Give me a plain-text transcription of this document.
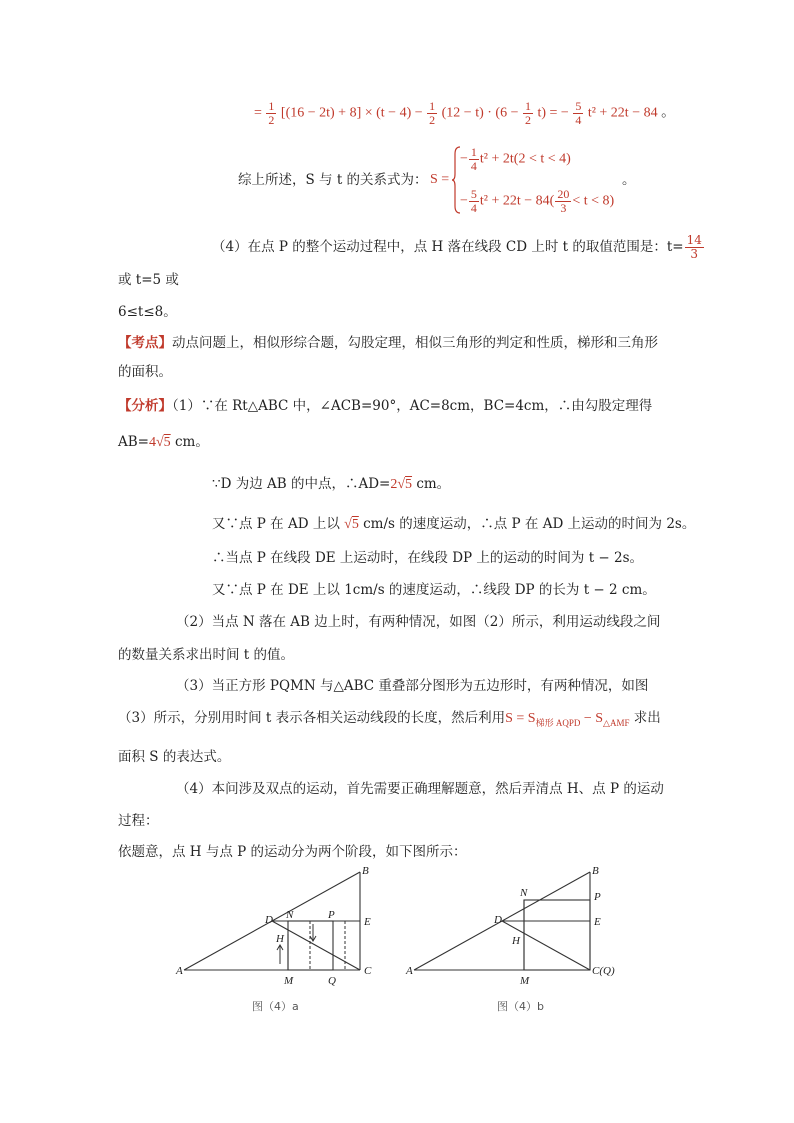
= $\frac{1}{2} [(16 - 2t) + 8] \times (t - 4) - \frac{1}{2} (12 - t) \cdot (6 - \frac{1}{2} t)$ = − $\frac{5}{4} t^2 + 22t - 84$ 。
综上所述，S 与 t 的关系式为： S =
− $\frac{1}{4} t^2 + 2t(2 < t < 4)$
− $\frac{5}{4} t^2 + 22t - 84( \frac{20}{3} < t < 8)$
。
（4）在点 P 的整个运动过程中，点 H 落在线段 CD 上时 t 的取值范围是：$t= \frac{14}{3}$
或 t=5 或
6≤t≤8。
【考点】动点问题上，相似形综合题，勾股定理，相似三角形的判定和性质，梯形和三角形
的面积。
【分析】（1）∵在 Rt△ABC 中，∠ACB=90°，AC=8cm，BC=4cm，∴由勾股定理得
AB=4√5 cm。
∵D 为边 AB 的中点，∴AD=2√5 cm。
又∵点 P 在 AD 上以 √5 cm/s 的速度运动，∴点 P 在 AD 上运动的时间为 2s。
∴当点 P 在线段 DE 上运动时，在线段 DP 上的运动的时间为 t − 2s。
又∵点 P 在 DE 上以 1cm/s 的速度运动，∴线段 DP 的长为 t − 2 cm。
（2）当点 N 落在 AB 边上时，有两种情况，如图（2）所示，利用运动线段之间
的数量关系求出时间 t 的值。
（3）当正方形 PQMN 与△ABC 重叠部分图形为五边形时，有两种情况，如图
（3）所示，分别用时间 t 表示各相关运动线段的长度，然后利用$S = S_{梯形 AQPD} - S_{\triangle AMF}$ 求出
面积 S 的表达式。
（4）本问涉及双点的运动，首先需要正确理解题意，然后弄清点 H、点 P 的运动
过程：
依题意，点 H 与点 P 的运动分为两个阶段，如下图所示：
A
B
C
D	E
H
M
N	P
Q
图（4）a
A
B
C(Q)
D	E
H
M
N	P
图（4）b
